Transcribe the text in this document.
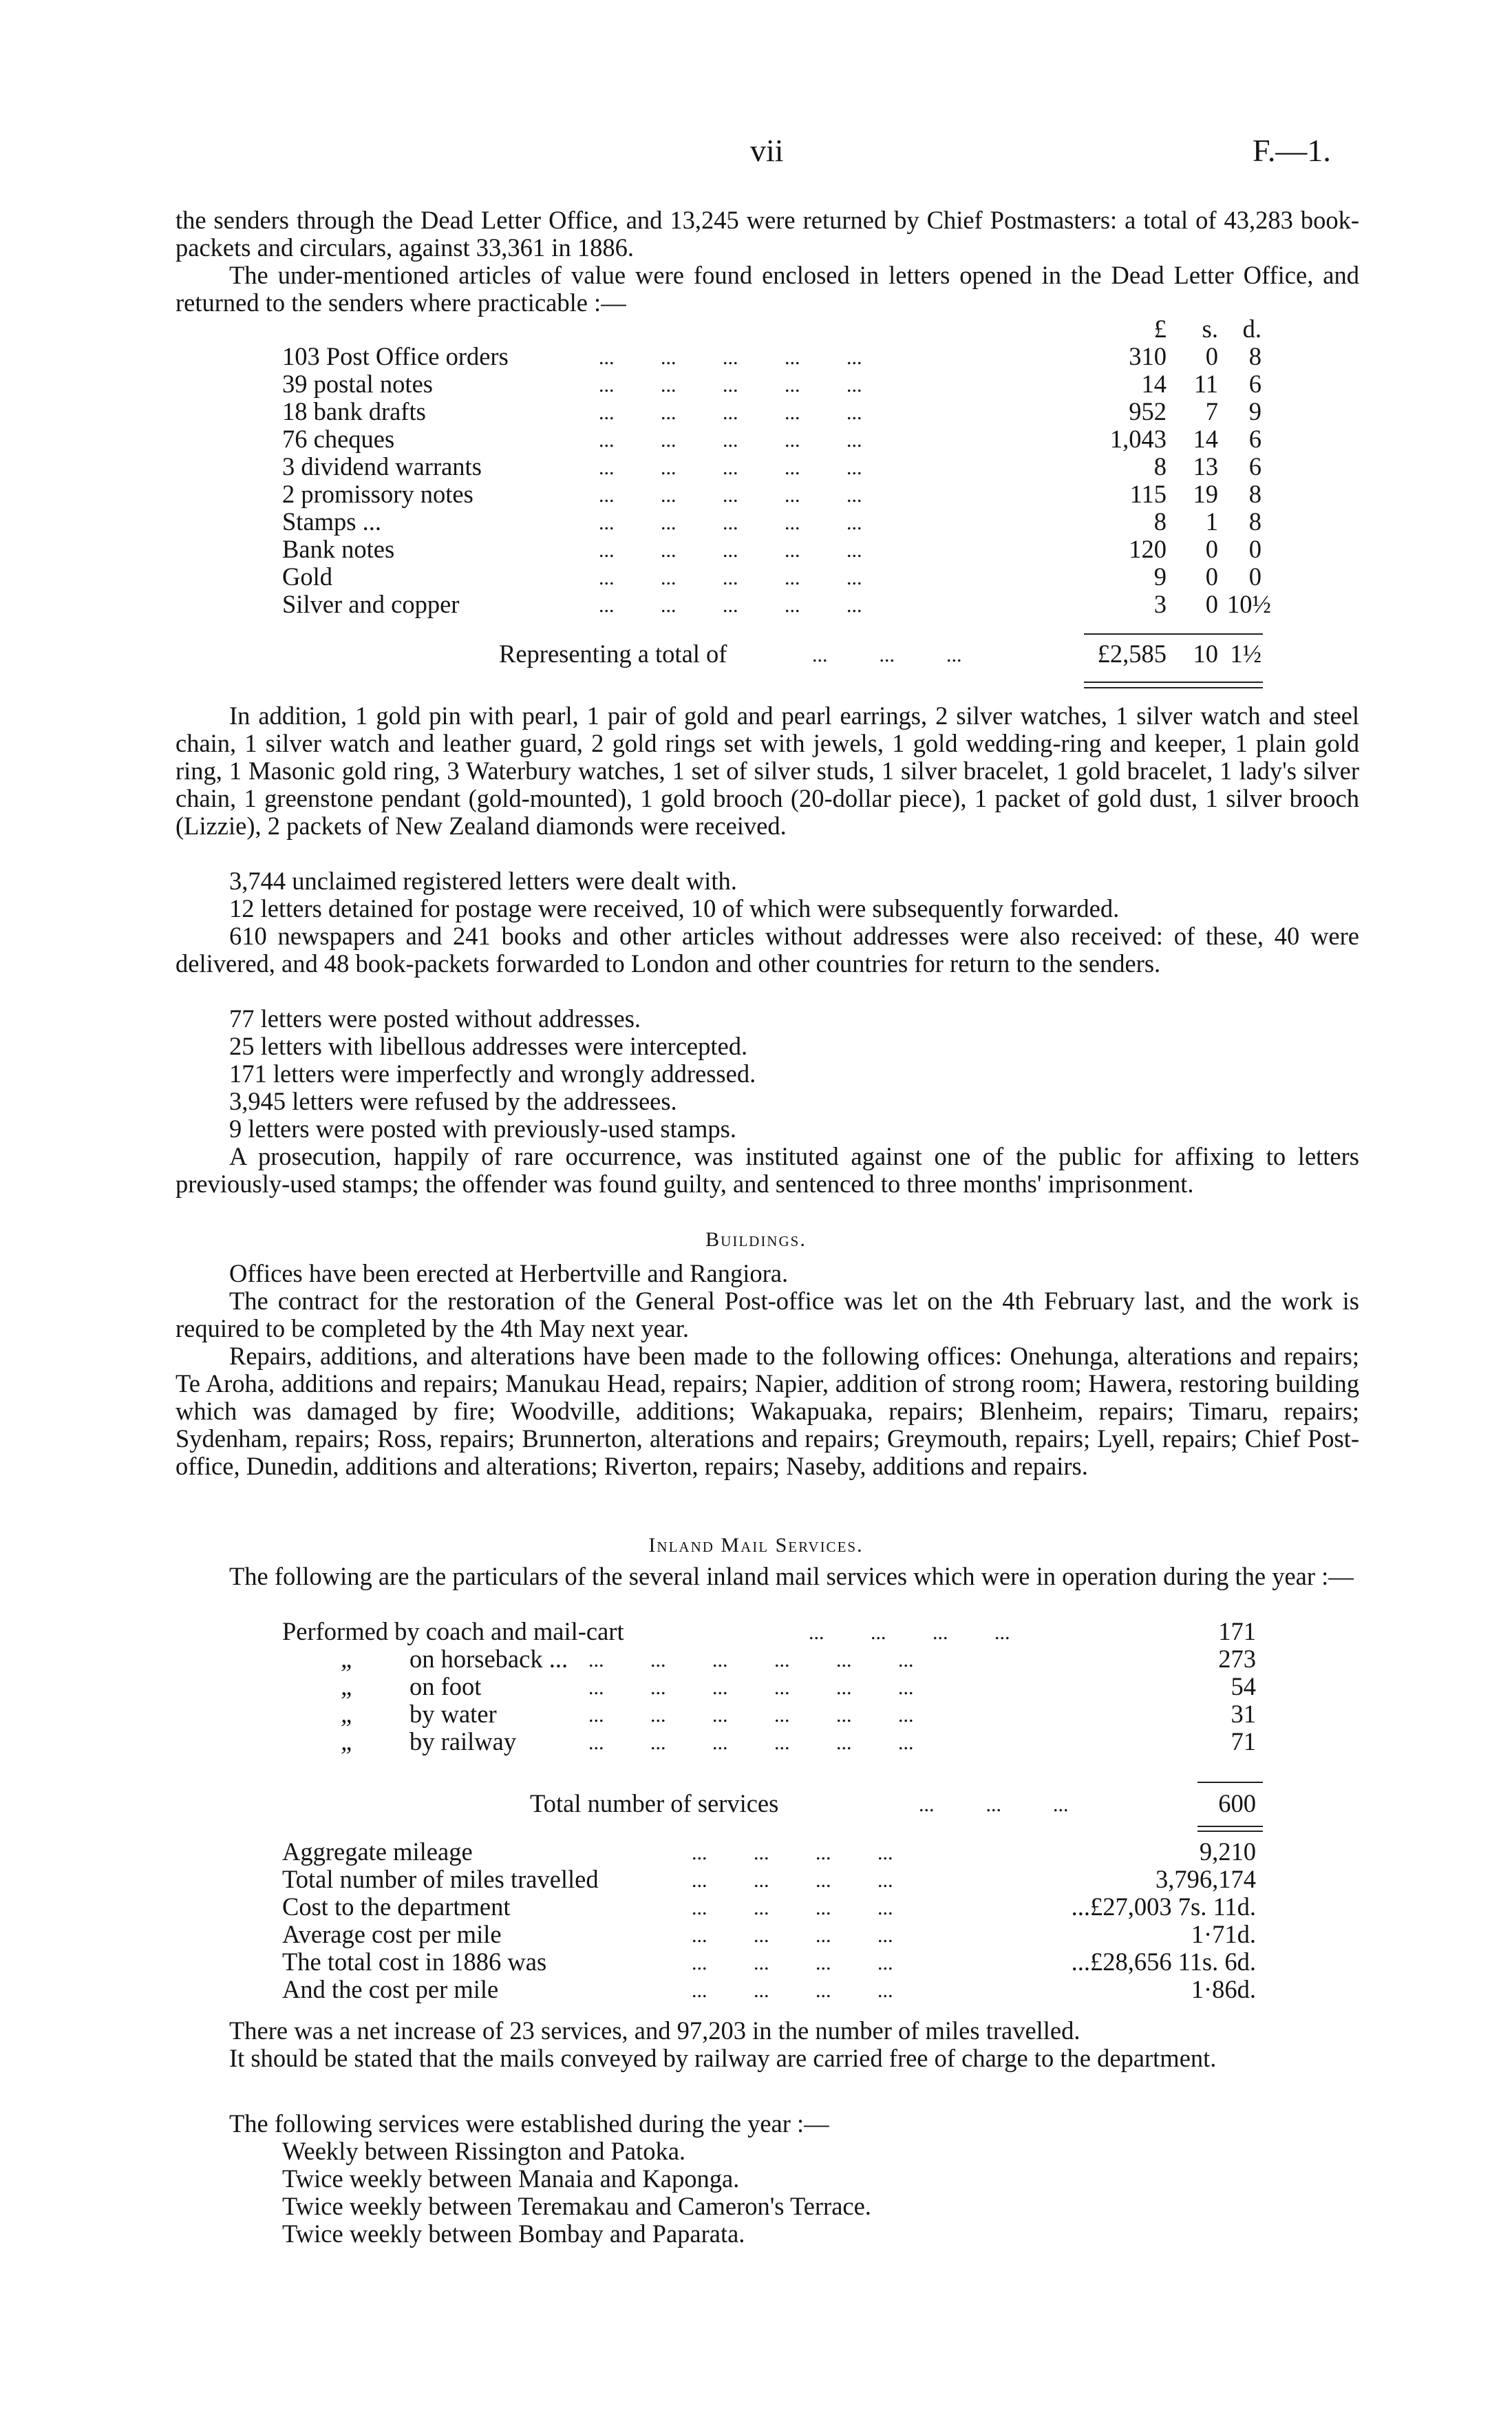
vii	F.—1.
the senders through the Dead Letter Office, and 13,245 were returned by Chief Postmasters: a total of 43,283 book-packets and circulars, against 33,361 in 1886.
The under-mentioned articles of value were found enclosed in letters opened in the Dead Letter Office, and returned to the senders where practicable :—
£	s. d.
103 Post Office orders	...         ...         ...         ...         ...	310	0	8
39 postal notes	...         ...         ...         ...         ...	14	11	6
18 bank drafts	...         ...         ...         ...         ...	952	7	9
76 cheques	...         ...         ...         ...         ...	1,043	14	6
3 dividend warrants	...         ...         ...         ...         ...	8	13	6
2 promissory notes	...         ...         ...         ...         ...	115	19	8
Stamps ...	...         ...         ...         ...         ...	8	1	8
Bank notes	...         ...         ...         ...         ...	120	0	0
Gold	...         ...         ...         ...         ...	9	0	0
Silver and copper	...         ...         ...         ...         ...	3	0 10½
Representing a total of	...          ...          ...	£2,585	10 1½
In addition, 1 gold pin with pearl, 1 pair of gold and pearl earrings, 2 silver watches, 1 silver watch and steel chain, 1 silver watch and leather guard, 2 gold rings set with jewels, 1 gold wedding-ring and keeper, 1 plain gold ring, 1 Masonic gold ring, 3 Waterbury watches, 1 set of silver studs, 1 silver bracelet, 1 gold bracelet, 1 lady's silver chain, 1 greenstone pendant (gold-mounted), 1 gold brooch (20-dollar piece), 1 packet of gold dust, 1 silver brooch (Lizzie), 2 packets of New Zealand diamonds were received.
3,744 unclaimed registered letters were dealt with.
12 letters detained for postage were received, 10 of which were subsequently forwarded.
610 newspapers and 241 books and other articles without addresses were also received: of these, 40 were delivered, and 48 book-packets forwarded to London and other countries for return to the senders.
77 letters were posted without addresses.
25 letters with libellous addresses were intercepted.
171 letters were imperfectly and wrongly addressed.
3,945 letters were refused by the addressees.
9 letters were posted with previously-used stamps.
A prosecution, happily of rare occurrence, was instituted against one of the public for affixing to letters previously-used stamps; the offender was found guilty, and sentenced to three months' imprisonment.
Buildings.
Offices have been erected at Herbertville and Rangiora.
The contract for the restoration of the General Post-office was let on the 4th February last, and the work is required to be completed by the 4th May next year.
Repairs, additions, and alterations have been made to the following offices: Onehunga, alterations and repairs; Te Aroha, additions and repairs; Manukau Head, repairs; Napier, addition of strong room; Hawera, restoring building which was damaged by fire; Woodville, additions; Wakapuaka, repairs; Blenheim, repairs; Timaru, repairs; Sydenham, repairs; Ross, repairs; Brunnerton, alterations and repairs; Greymouth, repairs; Lyell, repairs; Chief Post-office, Dunedin, additions and alterations; Riverton, repairs; Naseby, additions and repairs.
Inland Mail Services.
The following are the particulars of the several inland mail services which were in operation during the year :—
Performed by coach and mail-cart	...         ...         ...         ...	171
„ on horseback ... ...         ...         ...         ...         ...         ...	273
„ on foot	...         ...         ...         ...         ...         ...	54
„ by water	...         ...         ...         ...         ...         ...	31
„ by railway	...         ...         ...         ...         ...         ...	71
Total number of services	...          ...          ...	600
Aggregate mileage	...         ...         ...         ...	9,210
Total number of miles travelled	...         ...         ...         ...	3,796,174
Cost to the department	...         ...         ...         ...	...£27,003 7s. 11d.
Average cost per mile	...         ...         ...         ...	1·71d.
The total cost in 1886 was	...         ...         ...         ...	...£28,656 11s. 6d.
And the cost per mile	...         ...         ...         ...	1·86d.
There was a net increase of 23 services, and 97,203 in the number of miles travelled.
It should be stated that the mails conveyed by railway are carried free of charge to the department.
The following services were established during the year :—
Weekly between Rissington and Patoka.
Twice weekly between Manaia and Kaponga.
Twice weekly between Teremakau and Cameron's Terrace.
Twice weekly between Bombay and Paparata.
